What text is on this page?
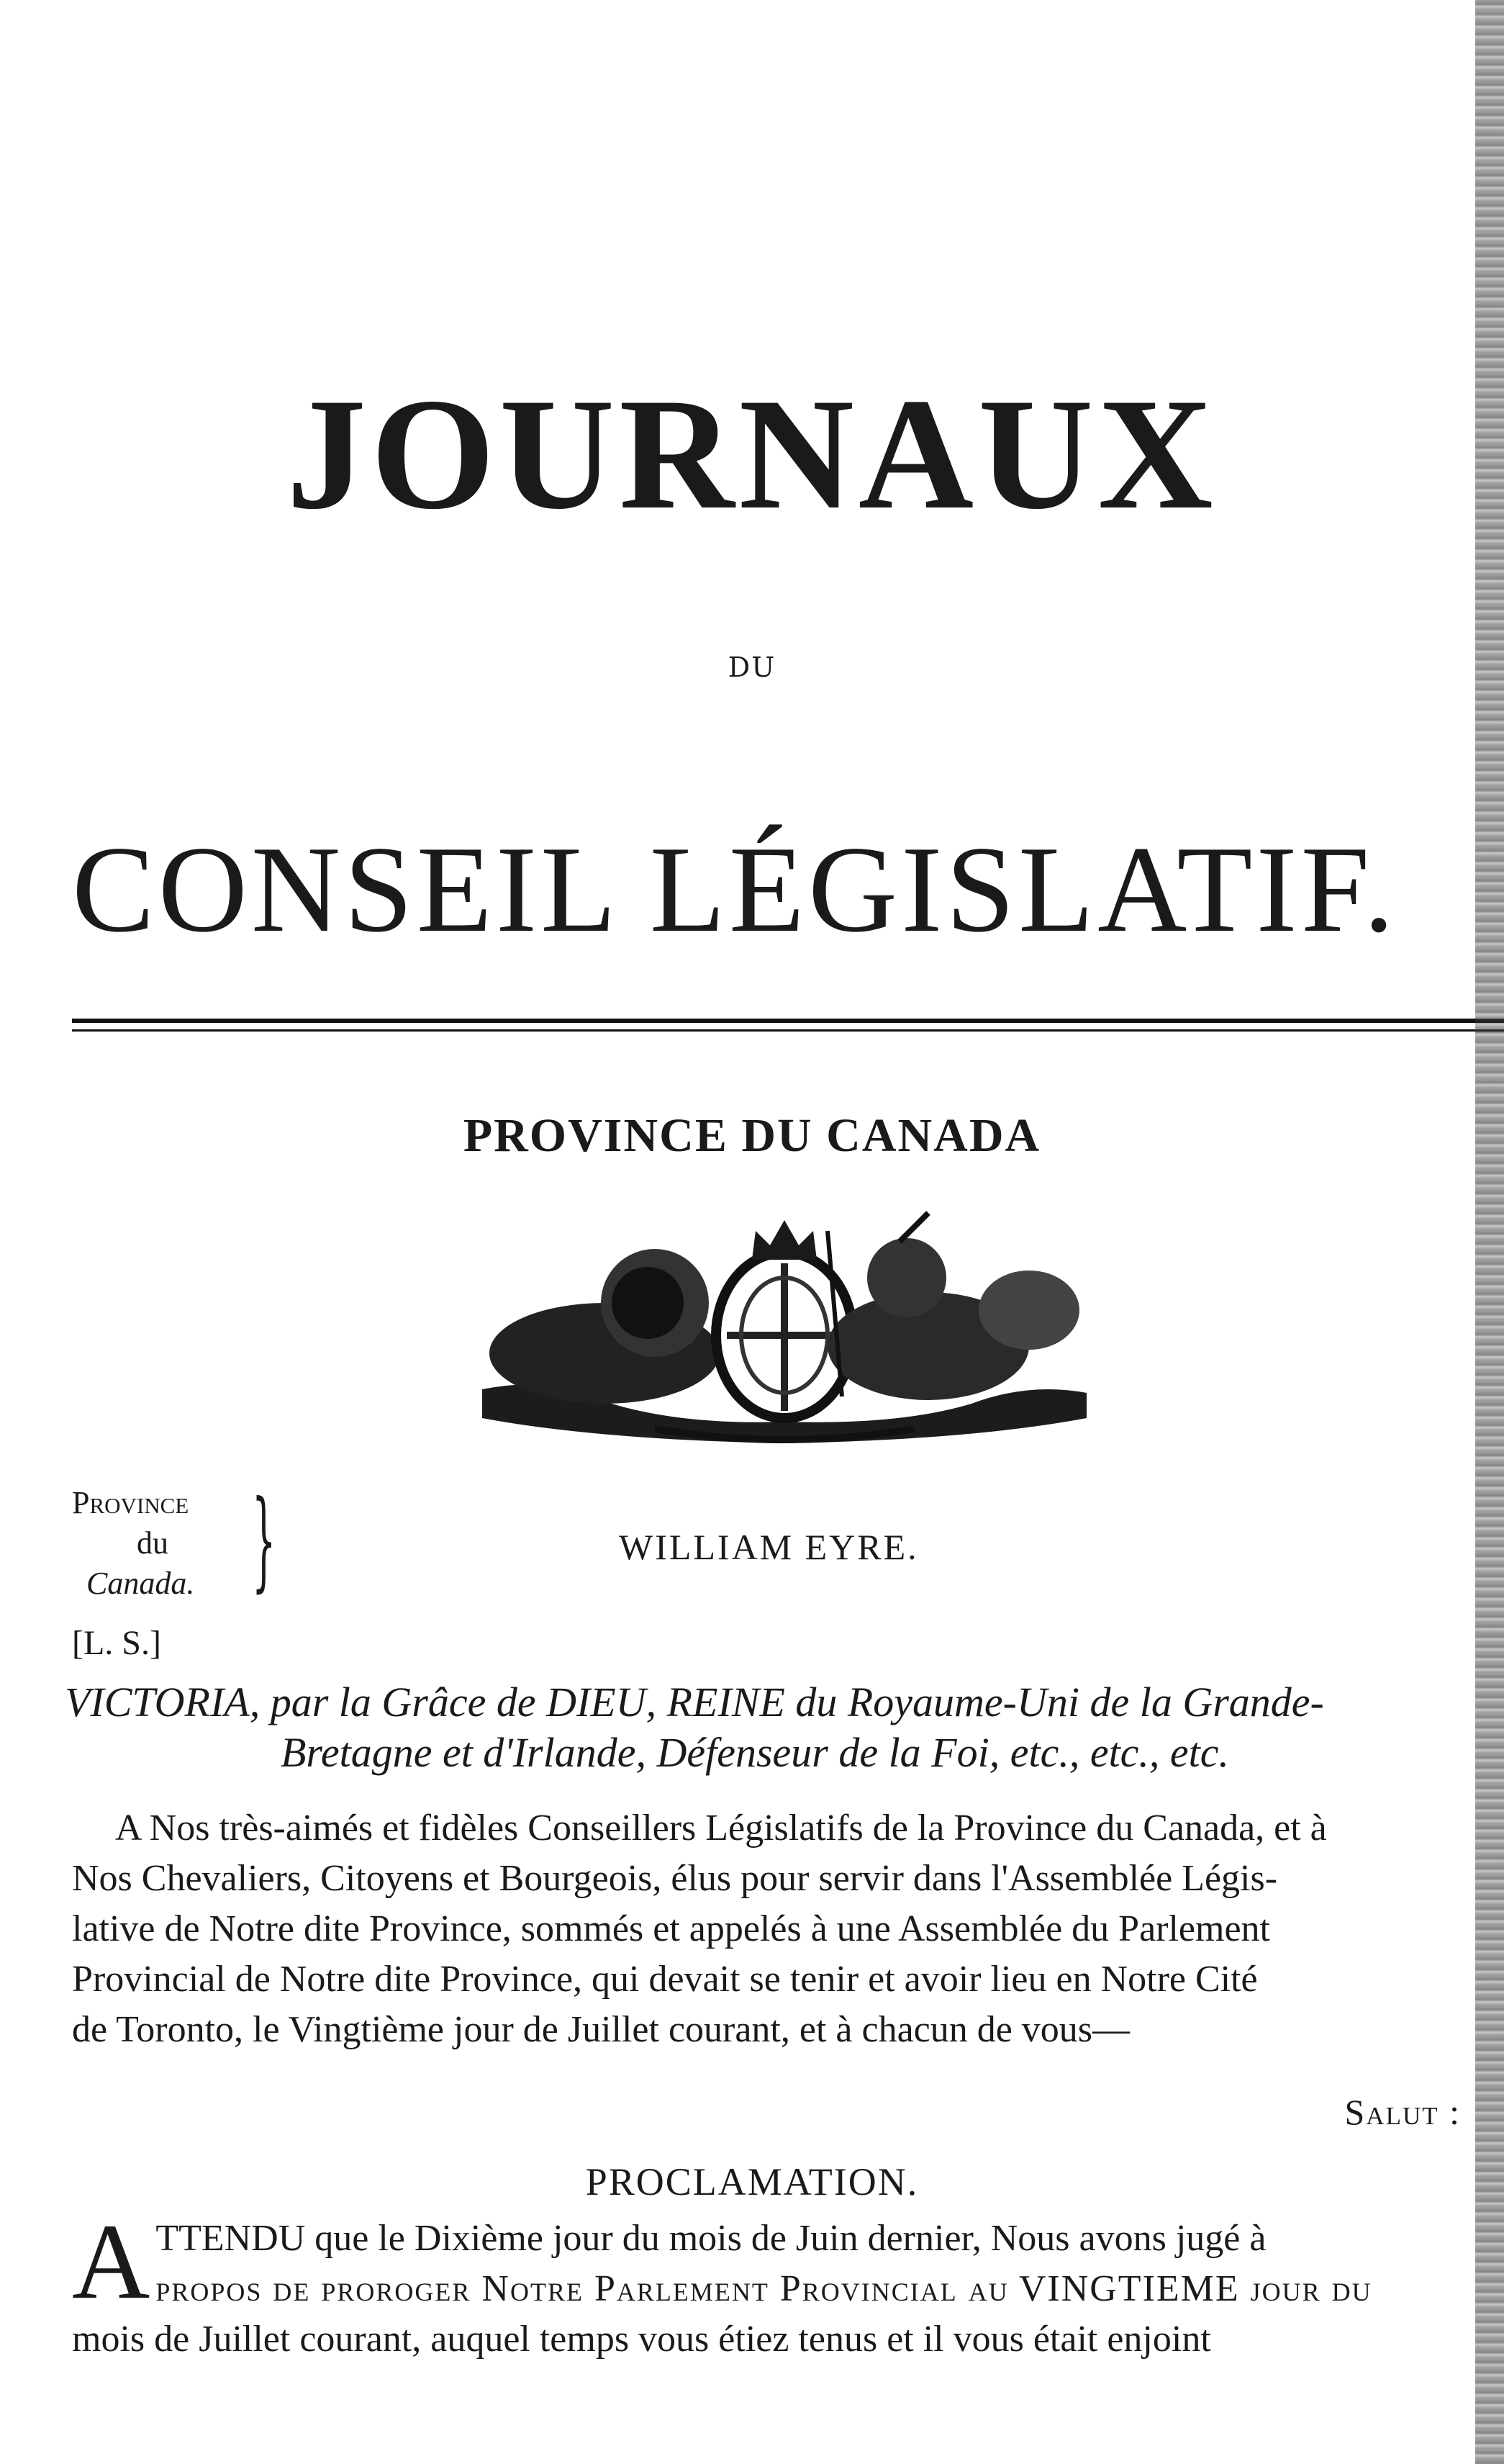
JOURNAUX
DU
CONSEIL LÉGISLATIF.
PROVINCE DU CANADA
Province
du
Canada. }	WILLIAM EYRE.
[L. S.]
VICTORIA, par la Grâce de DIEU, REINE du Royaume-Uni de la Grande-
Bretagne et d'Irlande, Défenseur de la Foi, etc., etc., etc.
A Nos très-aimés et fidèles Conseillers Législatifs de la Province du Canada, et à
Nos Chevaliers, Citoyens et Bourgeois, élus pour servir dans l'Assemblée Légis-
lative de Notre dite Province, sommés et appelés à une Assemblée du Parlement
Provincial de Notre dite Province, qui devait se tenir et avoir lieu en Notre Cité
de Toronto, le Vingtième jour de Juillet courant, et à chacun de vous—
Salut :
PROCLAMATION.
A TTENDU que le Dixième jour du mois de Juin dernier, Nous avons jugé à
propos de proroger Notre Parlement Provincial au VINGTIEME jour du
mois de Juillet courant, auquel temps vous étiez tenus et il vous était enjoint
